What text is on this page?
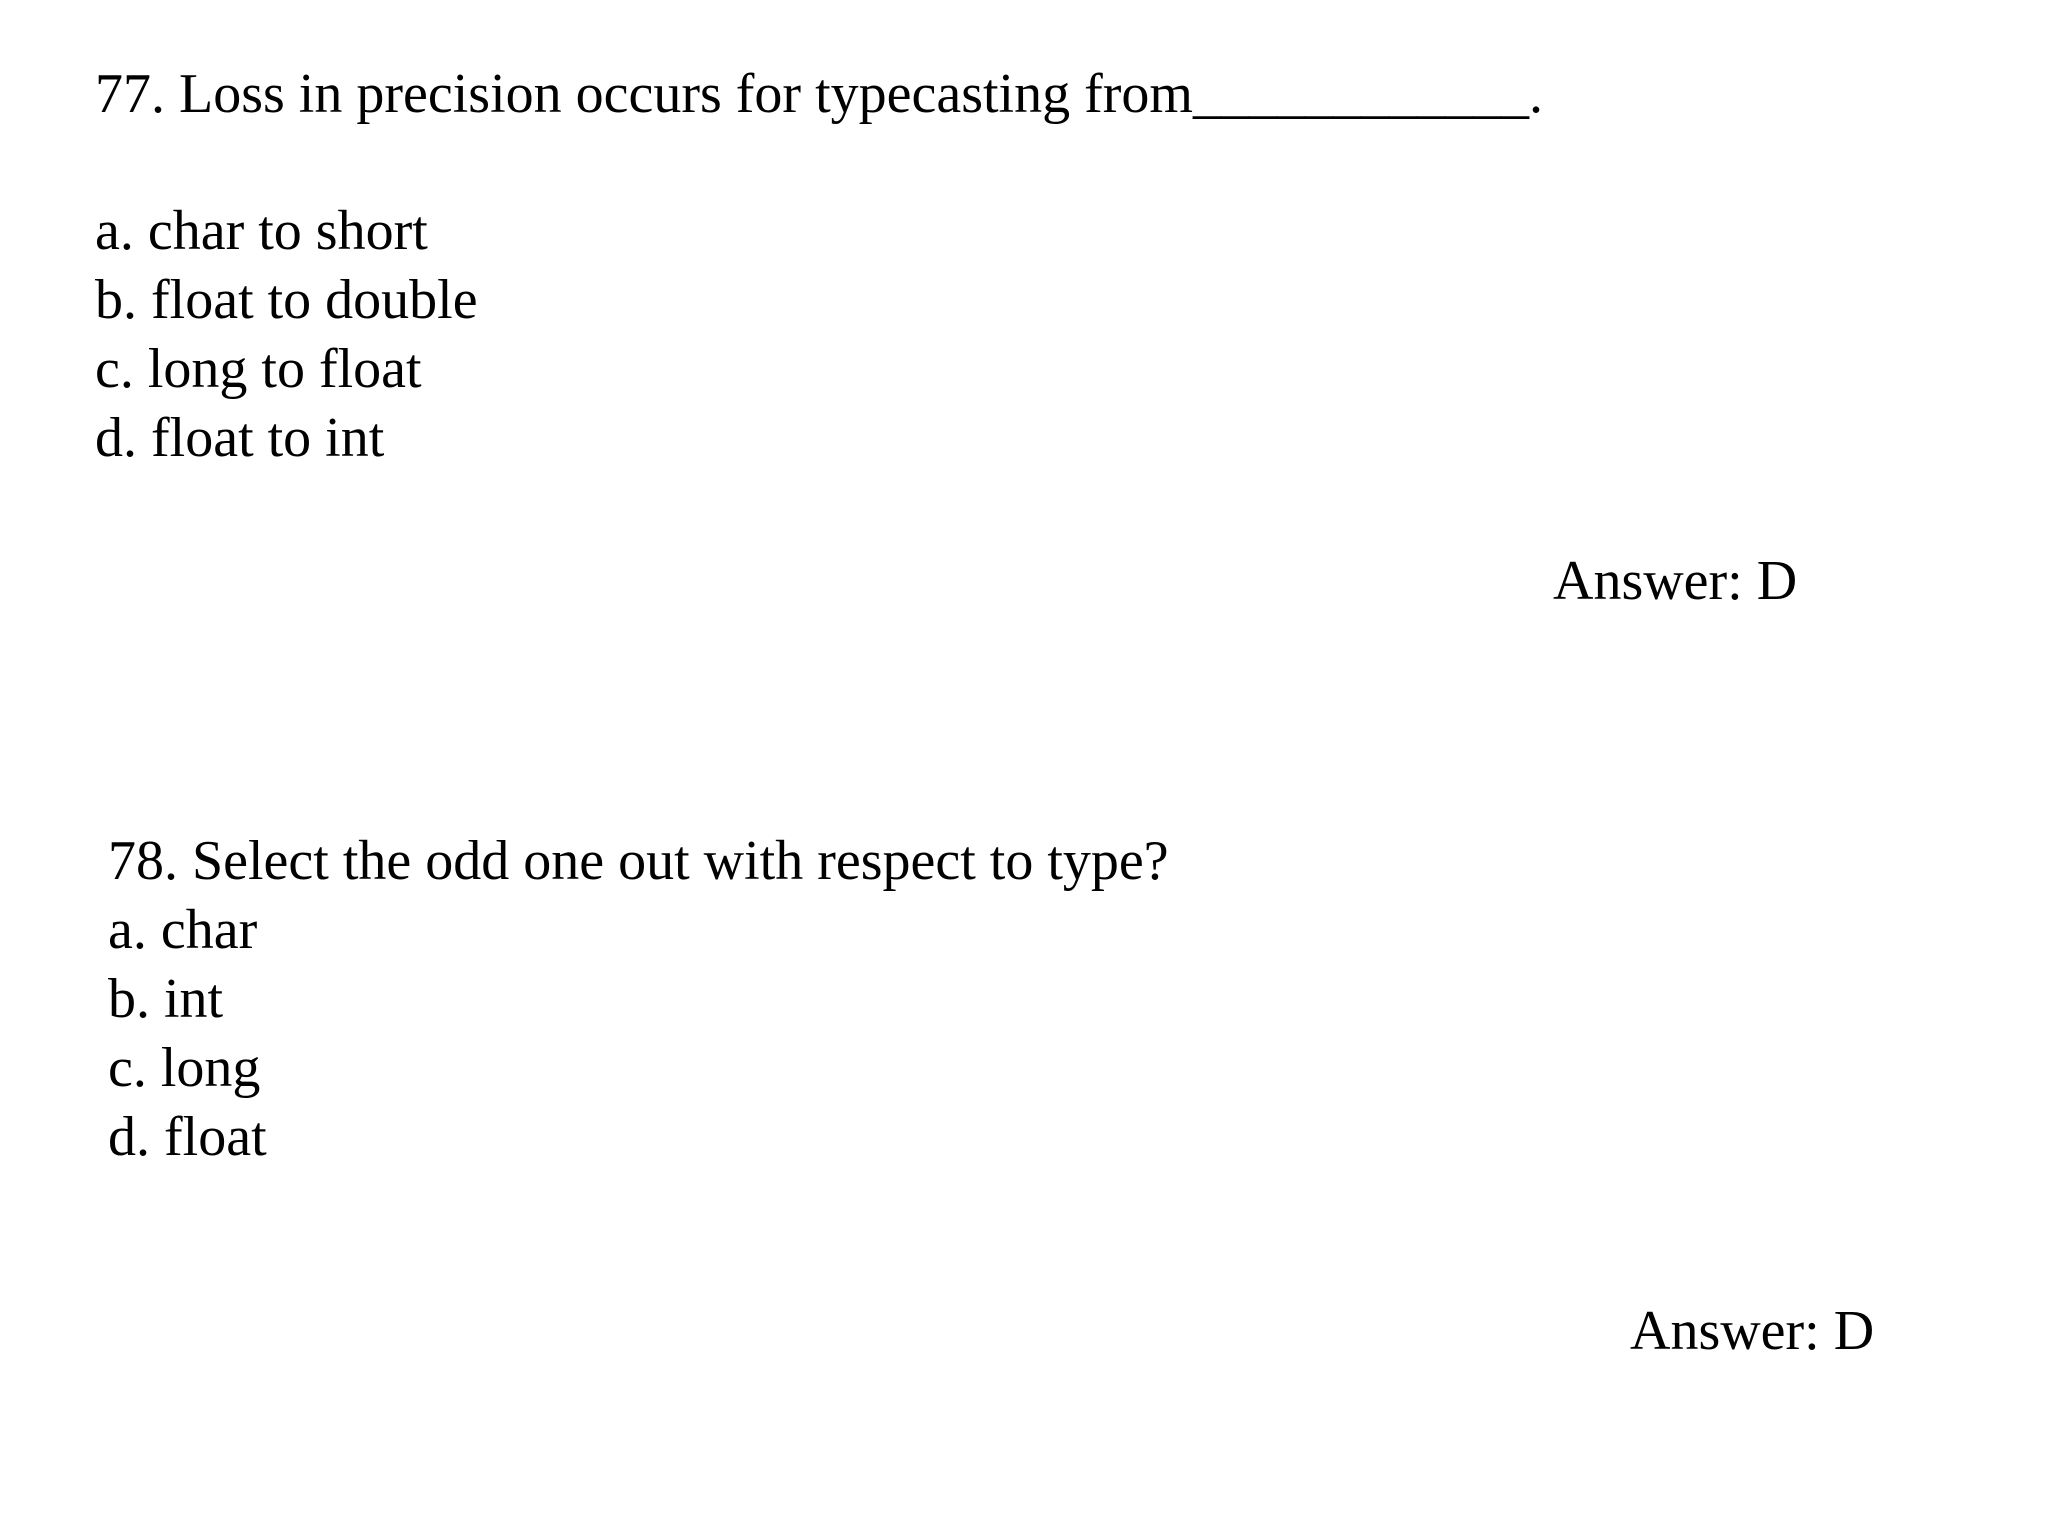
77. Loss in precision occurs for typecasting from____________.
a. char to short
b. float to double
c. long to float
d. float to int
Answer: D
78. Select the odd one out with respect to type?
a. char
b. int
c. long
d. float
Answer: D
